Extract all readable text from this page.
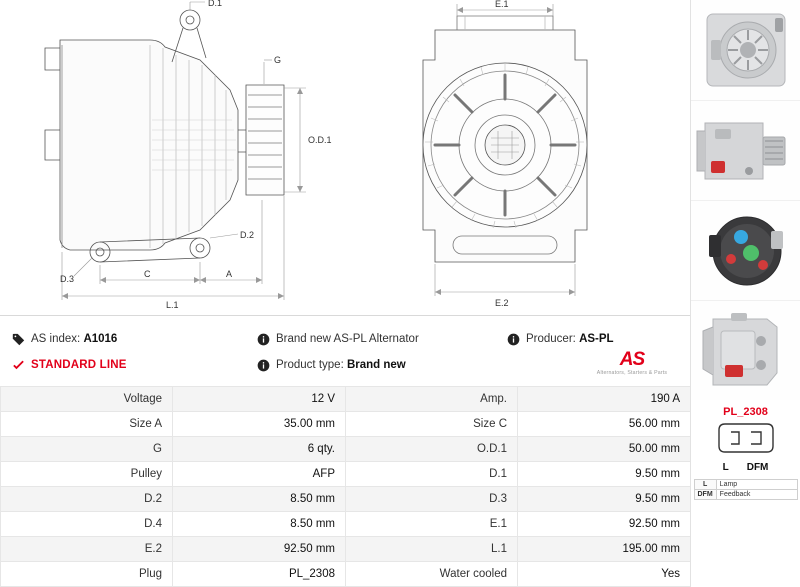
D.1
G
O.D.1
D.2
D.3	C	A
L.1
E.1
E.2
AS index:
A1016	Brand new AS-PL Alternator	Producer:
AS-PL
STANDARD LINE	Product type:
Brand new	AS
Alternators, Starters & Parts
Voltage	12 V	Amp.	190 A
Size A	35.00 mm	Size C	56.00 mm
G	6 qty.	O.D.1	50.00 mm
Pulley	AFP	D.1	9.50 mm
D.2	8.50 mm	D.3	9.50 mm
D.4	8.50 mm	E.1	92.50 mm
E.2	92.50 mm	L.1	195.00 mm
Plug	PL_2308	Water cooled	Yes
PL_2308
L DFM
L	Lamp
DFM	Feedback
